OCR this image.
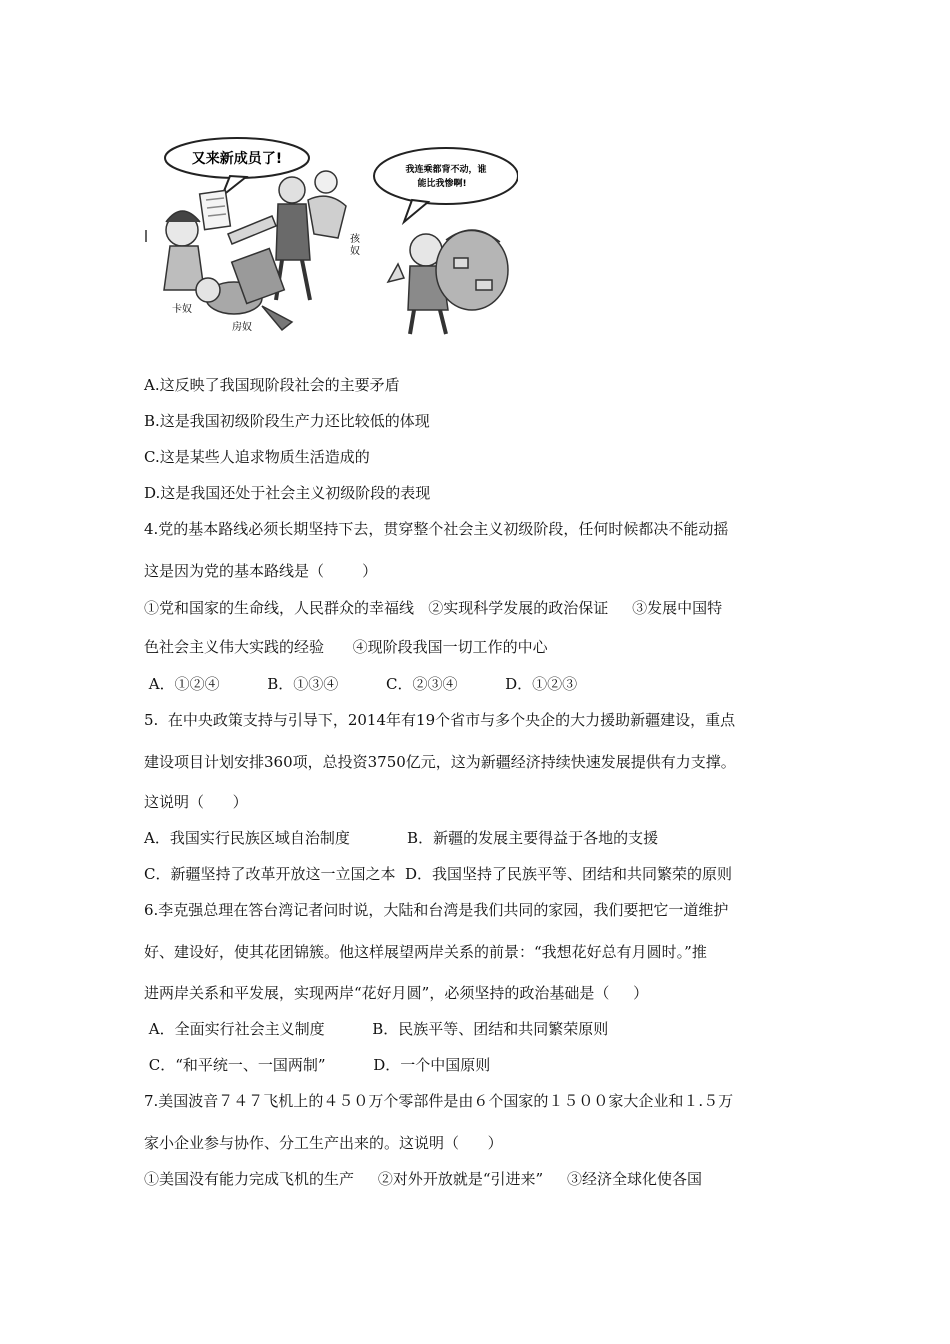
又来新成员了!
卡奴
房奴
孩
奴
我连乘都背不动，谁
能比我惨啊!
A.这反映了我国现阶段社会的主要矛盾
B.这是我国初级阶段生产力还比较低的体现
C.这是某些人追求物质生活造成的
D.这是我国还处于社会主义初级阶段的表现
4.党的基本路线必须长期坚持下去，贯穿整个社会主义初级阶段，任何时候都决不能动摇
这是因为党的基本路线是（        ）
①党和国家的生命线，人民群众的幸福线   ②实现科学发展的政治保证     ③发展中国特
色社会主义伟大实践的经验      ④现阶段我国一切工作的中心
A．①②④          B．①③④          C．②③④          D．①②③
5.  在中央政策支持与引导下，2014年有19个省市与多个央企的大力援助新疆建设，重点
建设项目计划安排360项，总投资3750亿元，这为新疆经济持续快速发展提供有力支撑。
这说明（      ）
A．我国实行民族区域自治制度            B．新疆的发展主要得益于各地的支援
C．新疆坚持了改革开放这一立国之本  D．我国坚持了民族平等、团结和共同繁荣的原则
6.李克强总理在答台湾记者问时说，大陆和台湾是我们共同的家园，我们要把它一道维护
好、建设好，使其花团锦簇。他这样展望两岸关系的前景：“我想花好总有月圆时。”推
进两岸关系和平发展，实现两岸“花好月圆”，必须坚持的政治基础是（     ）
A．全面实行社会主义制度          B．民族平等、团结和共同繁荣原则
C．“和平统一、一国两制”          D．一个中国原则
7.美国波音７４７飞机上的４５０万个零部件是由６个国家的１５００家大企业和１.５万
家小企业参与协作、分工生产出来的。这说明（      ）
①美国没有能力完成飞机的生产     ②对外开放就是“引进来”     ③经济全球化使各国
